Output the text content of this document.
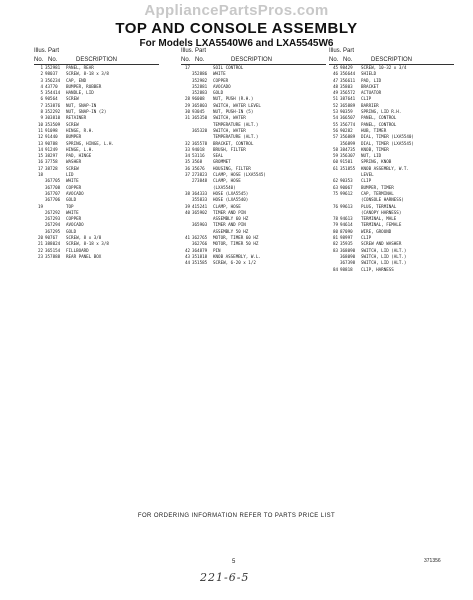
AppliancePartsPros.com
TOP AND CONSOLE ASSEMBLY
For Models LXA5540W6 and LXA5545W6
Illus. Part
No. No.	DESCRIPTION
1 352981 PANEL, REAR
2 98037 SCREW, 8-18 x 3/8
3 356234 CAP, END
4 43770 BUMPER, RUBBER
5 354414 HANDLE, LID
6 90564 SCREW
7 353876 NUT, SNAP-IN
8 352292 NUT, SNAP-IN (2)
9 303810 RETAINER
10 353509 SCREW
11 91098 HINGE, R.H.
12 91440 BUMPER
13 90788 SPRING, HINGE, L.H.
14 91249 HINGE, L.H.
15 38297 PAD, HINGE
16 37758 WASHER
17 38728 SCREW
18	LID
367705 WHITE
367708 COPPER
367707 AVOCADO
367706 GOLD
19	TOP
267292 WHITE
267293 COPPER
267294 AVOCADO
367295 GOLD
20 90767 SCREW, 8 x 3/8
21 388024 SCREW, 8-18 x 3/8
22 365154 FILLBOARD
23 357888 REAR PANEL BOX
Illus. Part
No. No.	DESCRIPTION
17	SOIL CONTROL
352886 WHITE
352982 COPPER
352881 AVOCADO
352883 GOLD
28 96008 NUT, PUSH (R.H.)
29 365803 SWITCH, WATER LEVEL
30 93045 NUT, PUSH-IN (5)
31 365350 SWITCH, WATER
TEMPERATURE (ALT.)
365320 SWITCH, WATER
TEMPERATURE (ALT.)
32 365578 BRACKET, CONTROL
33 94018 BRUSH, FILTER
34 53116 SEAL
35 3568	GROMMET
36 35676 HOUSING, FILTER
37 273823 CLAMP, HOSE (LXA5545)
273848 CLAMP, HOSE
(LXA5540)
38 364333 HOSE (LXA5545)
355833 HOSE (LXA5540)
39 415241 CLAMP, HOSE
40 365902 TIMER AND PIN
ASSEMBLY 60 HZ
365903 TIMER AND PIN
ASSEMBLY 50 HZ
41 362765 MOTOR, TIMER 60 HZ
362766 MOTOR, TIMER 50 HZ
42 364879 PIN
43 351818 KNOB ASSEMBLY, W.L.
44 351585 SCREW, 6-20 x 1/2
Illus. Part
No. No.	DESCRIPTION
45 98429 SCREW, 10-32 x 3/4
46 356644 SHIELD
47 356611 PAD, LID
48 35803 BRACKET
49 356572 ACTUATOR
51 387641 CLIP
52 365889 BARRIER
53 90359 SPRING, LID R.H.
54 366507 PANEL, CONTROL
55 356774 PANEL, CONTROL
56 90282 HUB, TIMER
57 356889 DIAL, TIMER (LXA5540)
356899 DIAL, TIMER (LXA5545)
58 384735 KNOB, TIMER
59 356307 NUT, LID
60 91501 SPRING, KNOB
61 351855 KNOB ASSEMBLY, W.T.
LEVEL
62 90353 CLIP
63 90067 BUMPER, TIMER
75 99612 CAP, TERMINAL
(CONSOLE HARNESS)
76 99613 PLUG, TERMINAL
(CANOPY HARNESS)
78 94613 TERMINAL, MALE
79 94614 TERMINAL, FEMALE
80 87090 WIRE, GROUND
81 98997 CLIP
82 35935 SCREW AND WASHER
83 368090 SWITCH, LID (ALT.)
368090 SWITCH, LID (ALT.)
367398 SWITCH, LID (ALT.)
84 98818 CLIP, HARNESS
FOR ORDERING INFORMATION REFER TO PARTS PRICE LIST
5	371356
221-6-5
